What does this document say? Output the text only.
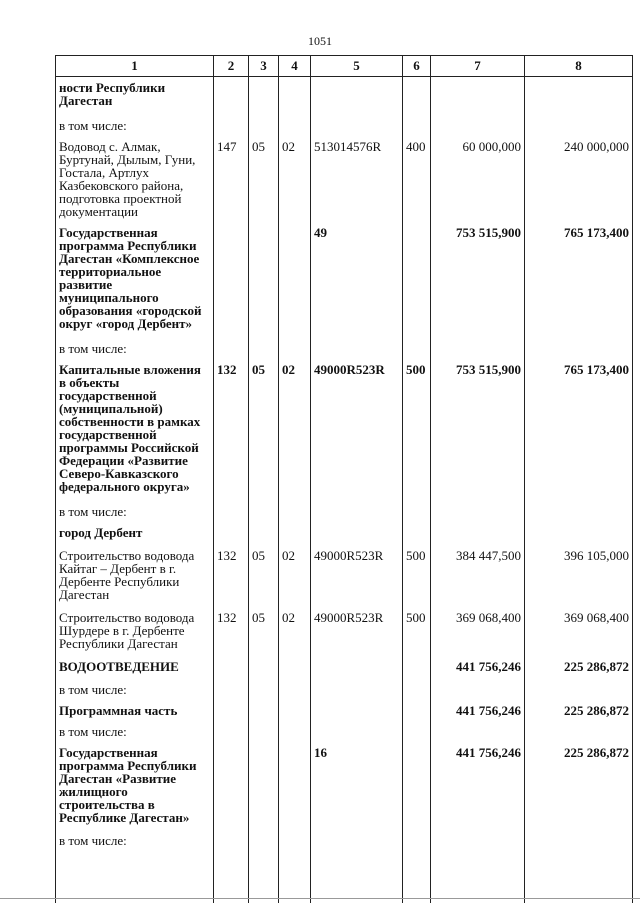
1051
1	2	3	4	5	6	7	8
ности Республики Дагестан							
в том числе:							
Водовод с. Алмак, Буртунай, Дылым, Гуни, Гостала, Артлух Казбековского района, подготовка проектной документации	147	05	02	513014576R	400	60 000,000	240 000,000
Государственная программа Республики Дагестан «Комплексное территориальное развитие муниципального образования «городской округ «город Дербент»				49		753 515,900	765 173,400
в том числе:							
Капитальные вложения в объекты государственной (муниципальной) собственности в рамках государственной программы Российской Федерации «Развитие Северо-Кавказского федерального округа»	132	05	02	49000R523R	500	753 515,900	765 173,400
в том числе:							
город Дербент							
Строительство водовода Кайтаг – Дербент в г. Дербенте Республики Дагестан	132	05	02	49000R523R	500	384 447,500	396 105,000
Строительство водовода Шурдере в г. Дербенте Республики Дагестан	132	05	02	49000R523R	500	369 068,400	369 068,400
ВОДООТВЕДЕНИЕ						441 756,246	225 286,872
в том числе:							
Программная часть						441 756,246	225 286,872
в том числе:							
Государственная программа Республики Дагестан «Развитие жилищного строительства в Республике Дагестан»				16		441 756,246	225 286,872
в том числе:							
